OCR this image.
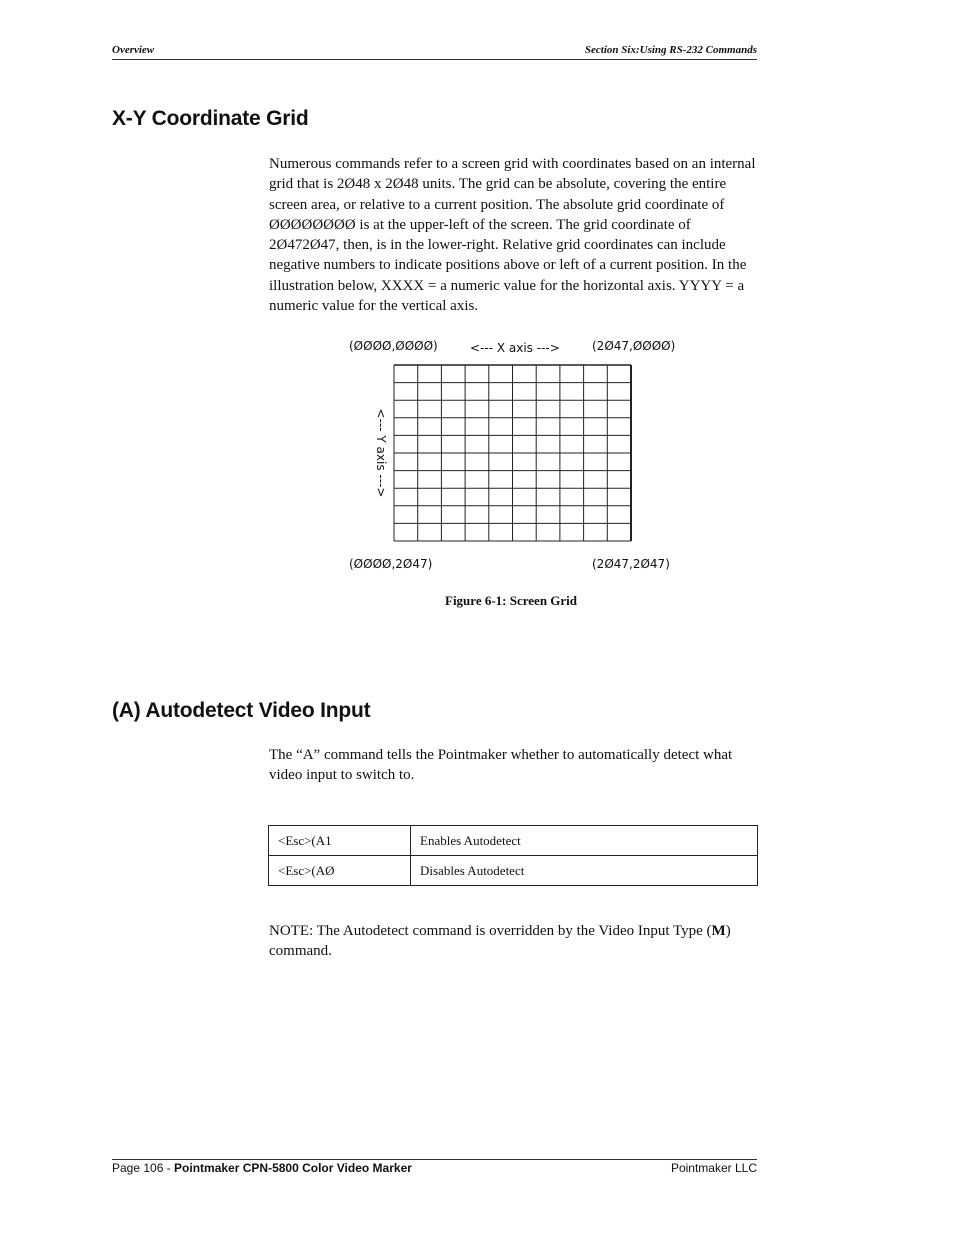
Overview	Section Six:Using RS-232 Commands
X-Y Coordinate Grid

Numerous commands refer to a screen grid with coordinates based on an internal grid that is 2Ø48 x 2Ø48 units. The grid can be absolute, covering the entire screen area, or relative to a current position. The absolute grid coordinate of ØØØØØØØØ is at the upper-left of the screen. The grid coordinate of 2Ø472Ø47, then, is in the lower-right. Relative grid coordinates can include negative numbers to indicate positions above or left of a current position. In the illustration below, XXXX = a numeric value for the horizontal axis. YYYY = a numeric value for the vertical axis.

(ØØØØ,ØØØØ)	<--- X axis --->	(2Ø47,ØØØØ)
<--- Y axis --->
(ØØØØ,2Ø47)	(2Ø47,2Ø47)
Figure 6-1: Screen Grid
(A) Autodetect Video Input

The “A” command tells the Pointmaker whether to automatically detect what video input to switch to.

<Esc>(A1	Enables Autodetect
<Esc>(AØ	Disables Autodetect

NOTE: The Autodetect command is overridden by the Video Input Type (M) command.

Page 106 - Pointmaker CPN-5800 Color Video Marker	Pointmaker LLC
